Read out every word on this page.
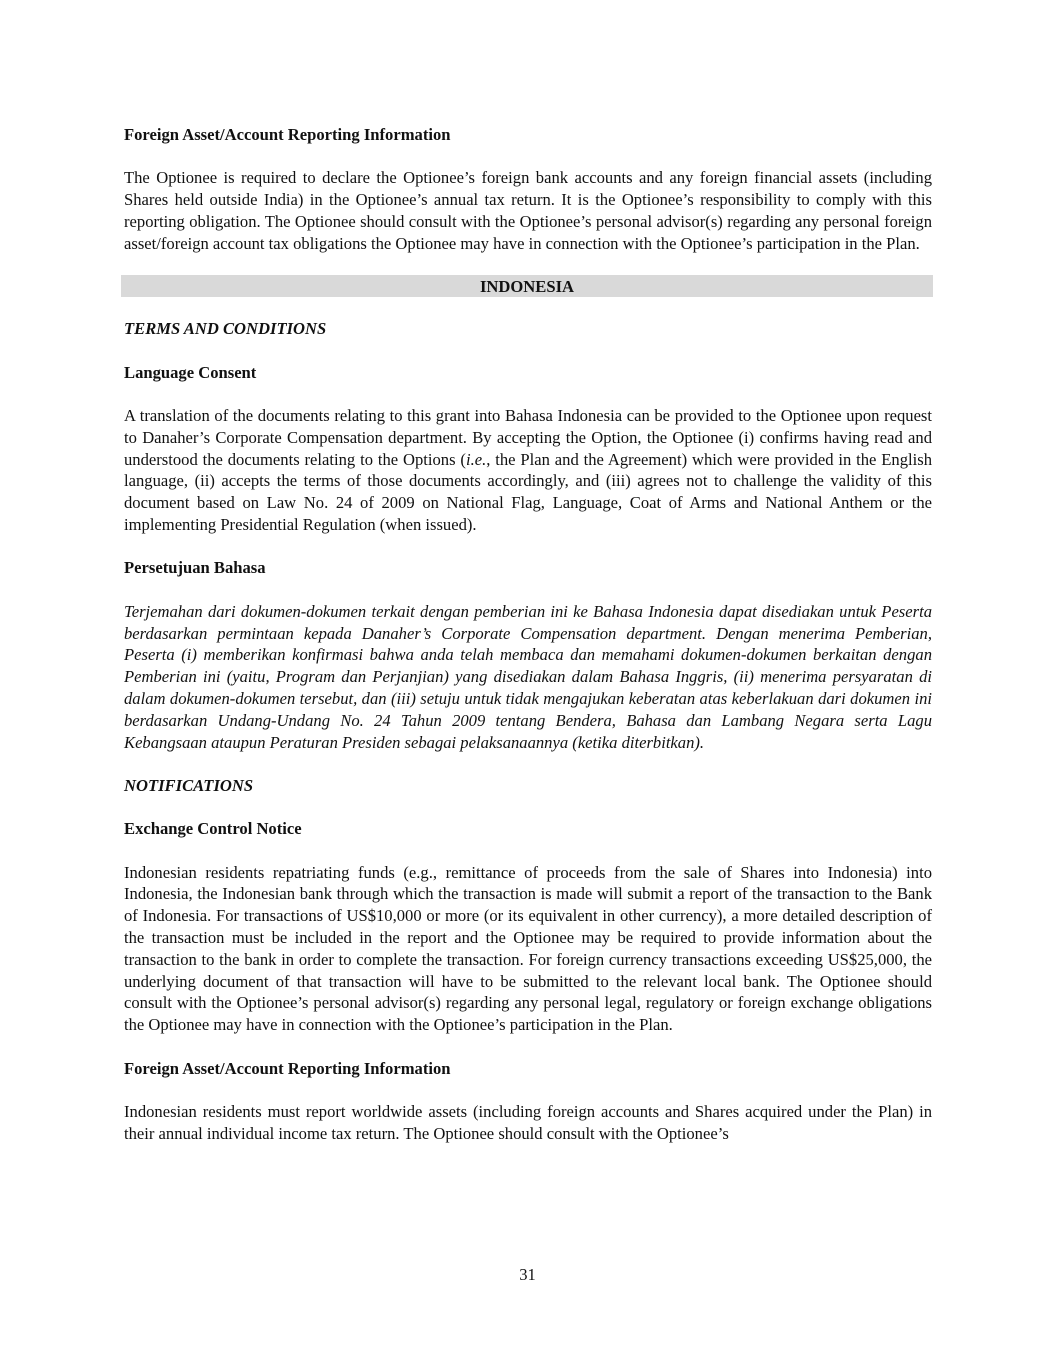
Foreign Asset/Account Reporting Information

The Optionee is required to declare the Optionee’s foreign bank accounts and any foreign financial assets (including Shares held outside India) in the Optionee’s annual tax return. It is the Optionee’s responsibility to comply with this reporting obligation. The Optionee should consult with the Optionee’s personal advisor(s) regarding any personal foreign asset/foreign account tax obligations the Optionee may have in connection with the Optionee’s participation in the Plan.

INDONESIA
TERMS AND CONDITIONS
Language Consent

A translation of the documents relating to this grant into Bahasa Indonesia can be provided to the Optionee upon request to Danaher’s Corporate Compensation department. By accepting the Option, the Optionee (i) confirms having read and understood the documents relating to the Options (i.e., the Plan and the Agreement) which were provided in the English language, (ii) accepts the terms of those documents accordingly, and (iii) agrees not to challenge the validity of this document based on Law No. 24 of 2009 on National Flag, Language, Coat of Arms and National Anthem or the implementing Presidential Regulation (when issued).

Persetujuan Bahasa

Terjemahan dari dokumen-dokumen terkait dengan pemberian ini ke Bahasa Indonesia dapat disediakan untuk Peserta berdasarkan permintaan kepada Danaher’s Corporate Compensation department. Dengan menerima Pemberian, Peserta (i) memberikan konfirmasi bahwa anda telah membaca dan memahami dokumen-dokumen berkaitan dengan Pemberian ini (yaitu, Program dan Perjanjian) yang disediakan dalam Bahasa Inggris, (ii) menerima persyaratan di dalam dokumen-dokumen tersebut, dan (iii) setuju untuk tidak mengajukan keberatan atas keberlakuan dari dokumen ini berdasarkan Undang-Undang No. 24 Tahun 2009 tentang Bendera, Bahasa dan Lambang Negara serta Lagu Kebangsaan ataupun Peraturan Presiden sebagai pelaksanaannya (ketika diterbitkan).

NOTIFICATIONS
Exchange Control Notice

Indonesian residents repatriating funds (e.g., remittance of proceeds from the sale of Shares into Indonesia) into Indonesia, the Indonesian bank through which the transaction is made will submit a report of the transaction to the Bank of Indonesia. For transactions of US$10,000 or more (or its equivalent in other currency), a more detailed description of the transaction must be included in the report and the Optionee may be required to provide information about the transaction to the bank in order to complete the transaction. For foreign currency transactions exceeding US$25,000, the underlying document of that transaction will have to be submitted to the relevant local bank. The Optionee should consult with the Optionee’s personal advisor(s) regarding any personal legal, regulatory or foreign exchange obligations the Optionee may have in connection with the Optionee’s participation in the Plan.

Foreign Asset/Account Reporting Information

Indonesian residents must report worldwide assets (including foreign accounts and Shares acquired under the Plan) in their annual individual income tax return. The Optionee should consult with the Optionee’s

31
